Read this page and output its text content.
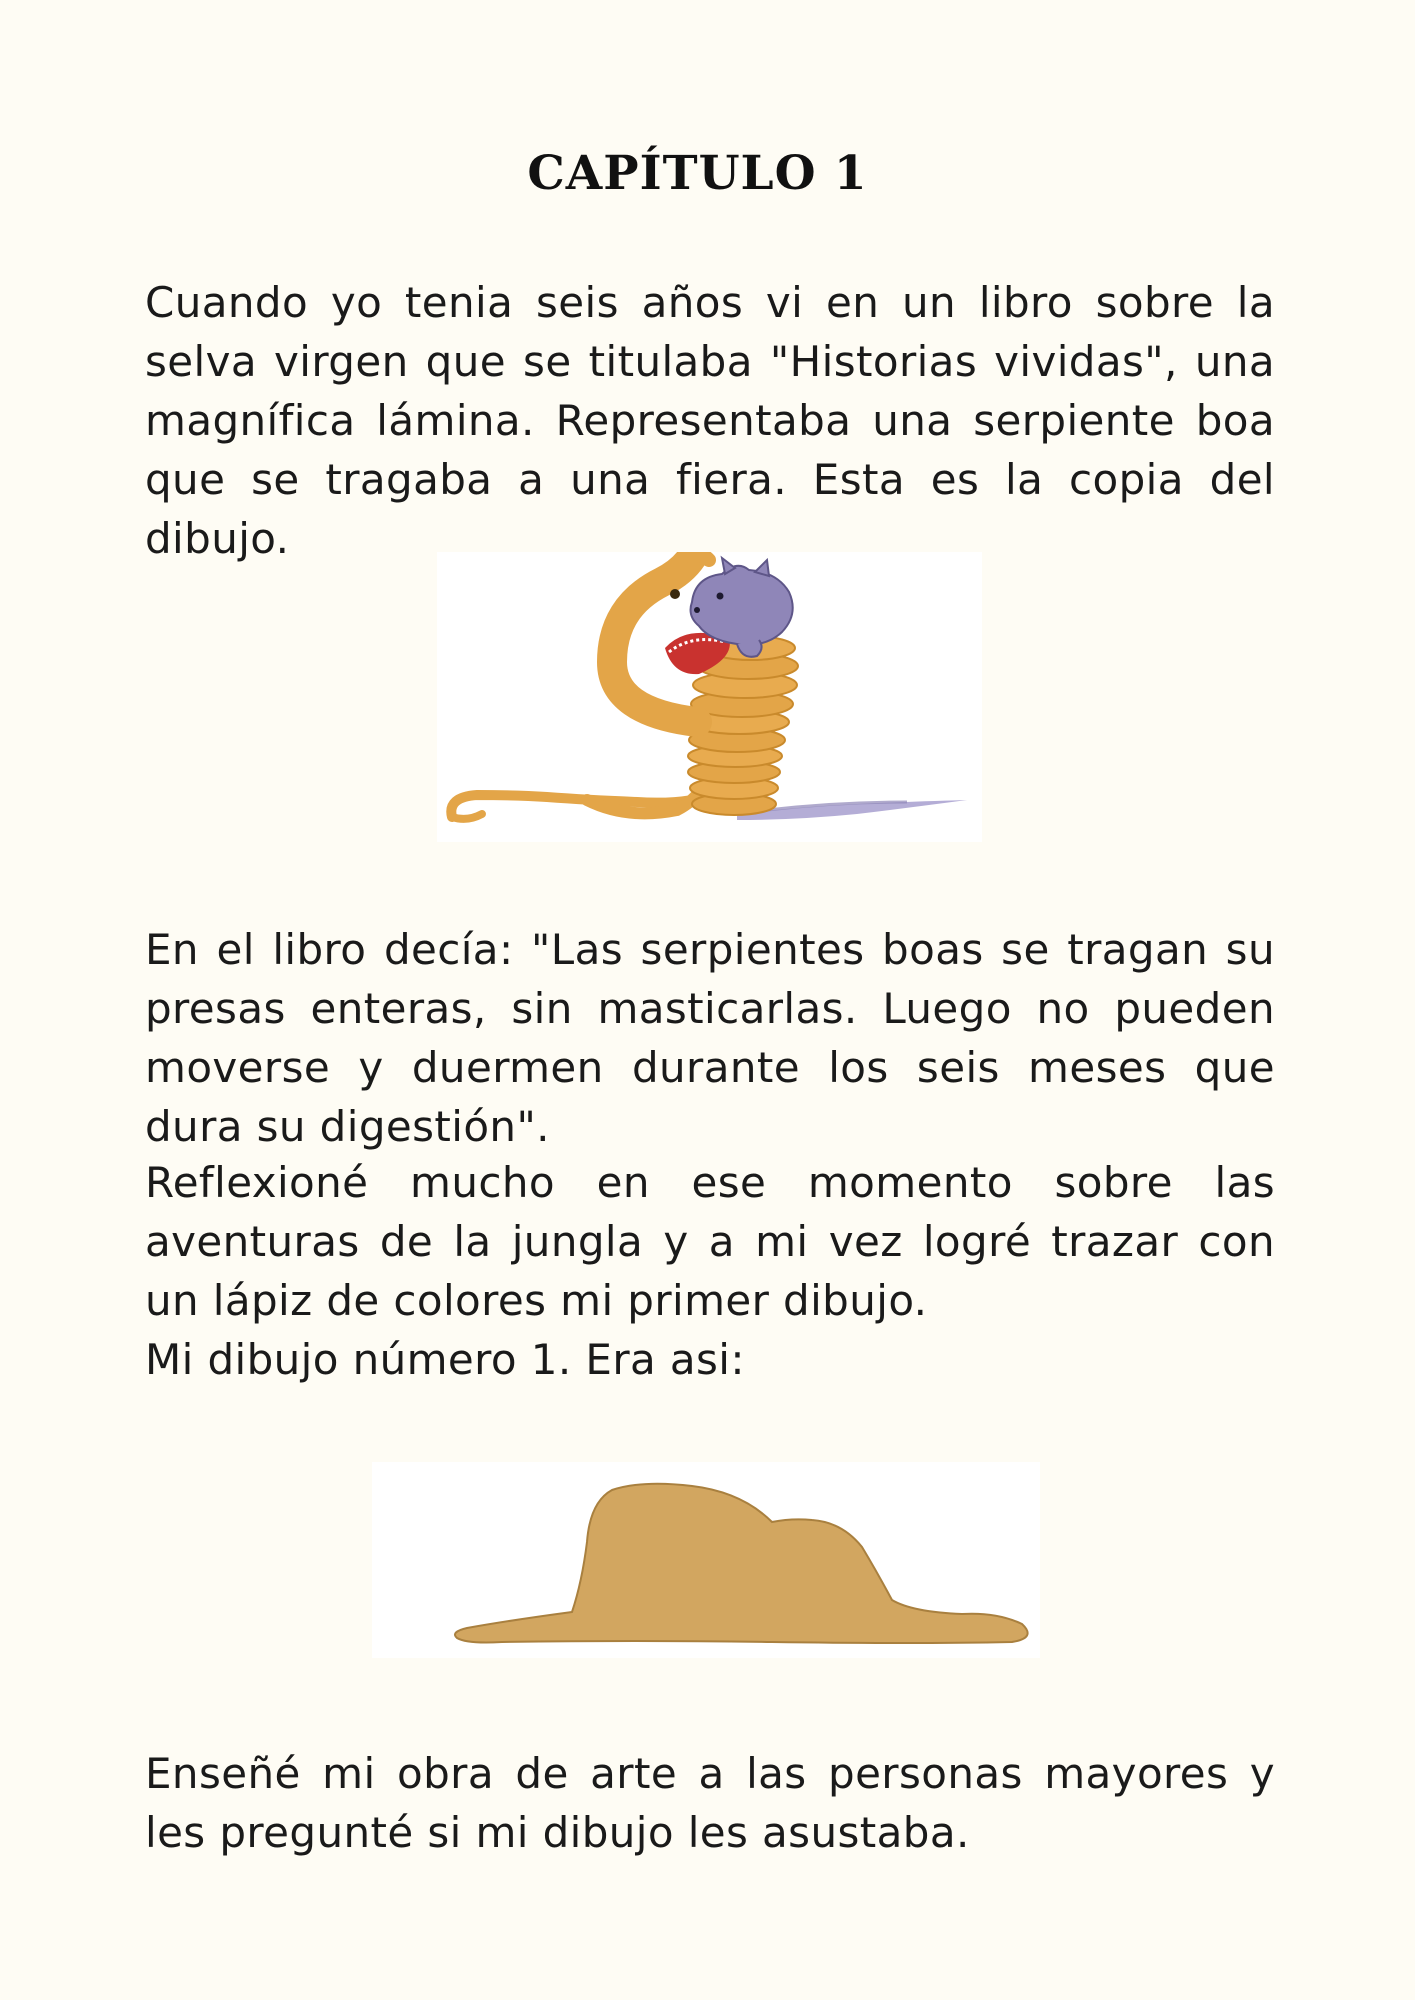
CAPÍTULO 1

Cuando yo tenia seis años vi en un libro sobre la selva virgen que se titulaba "Historias vividas", una magnífica lámina. Representaba una serpiente boa que se tragaba a una fiera. Esta es la copia del dibujo.

En el libro decía: "Las serpientes boas se tragan su presas enteras, sin masticarlas. Luego no pueden moverse y duermen durante los seis meses que dura su digestión".

Reflexioné mucho en ese momento sobre las aventuras de la jungla y a mi vez logré trazar con un lápiz de colores mi primer dibujo.

Mi dibujo número 1. Era asi:

Enseñé mi obra de arte a las personas mayores y les pregunté si mi dibujo les asustaba.
